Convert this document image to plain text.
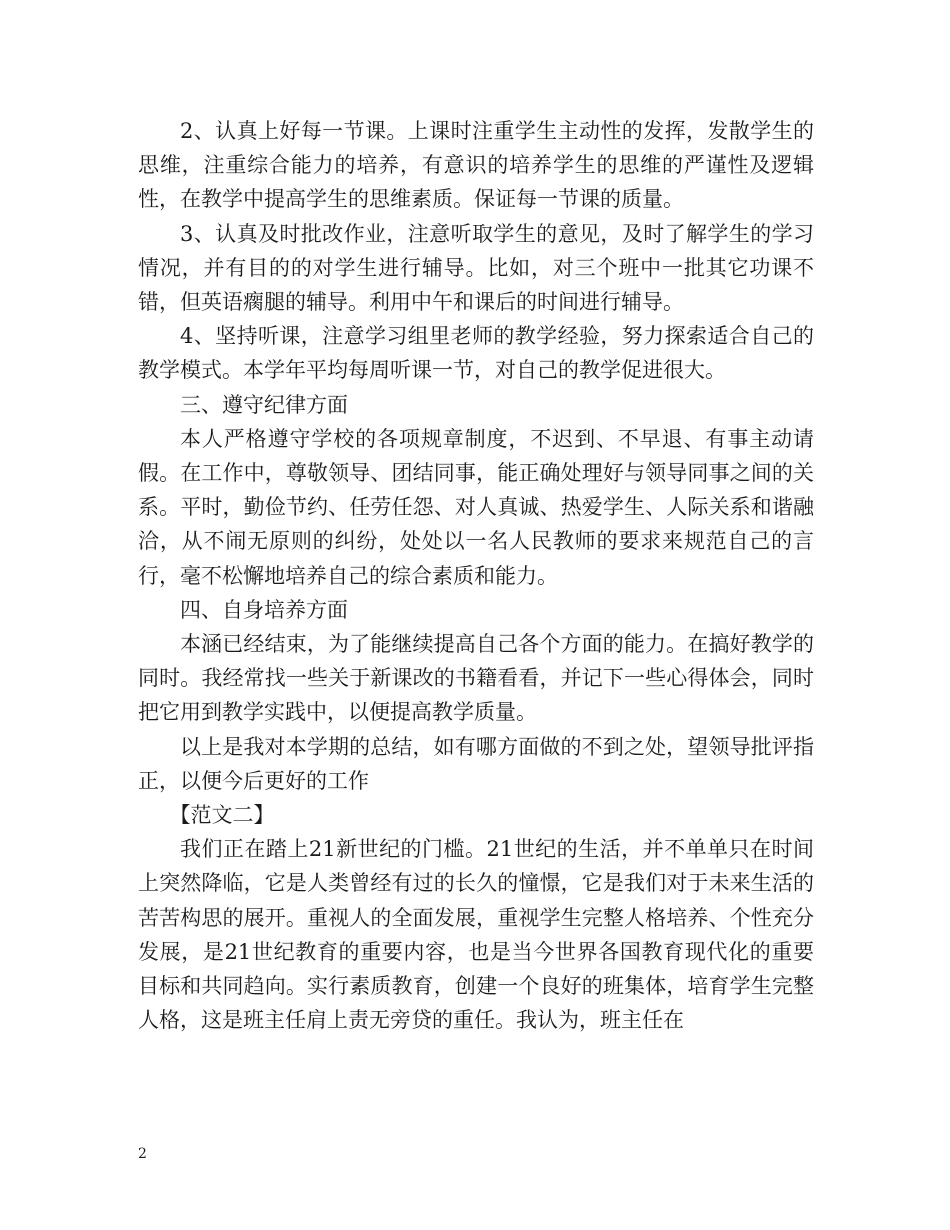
2、认真上好每一节课。上课时注重学生主动性的发挥，发散学生的思维，注重综合能力的培养，有意识的培养学生的思维的严谨性及逻辑性，在教学中提高学生的思维素质。保证每一节课的质量。

3、认真及时批改作业，注意听取学生的意见，及时了解学生的学习情况，并有目的的对学生进行辅导。比如，对三个班中一批其它功课不错，但英语瘸腿的辅导。利用中午和课后的时间进行辅导。

4、坚持听课，注意学习组里老师的教学经验，努力探索适合自己的教学模式。本学年平均每周听课一节，对自己的教学促进很大。

三、遵守纪律方面

本人严格遵守学校的各项规章制度，不迟到、不早退、有事主动请假。在工作中，尊敬领导、团结同事，能正确处理好与领导同事之间的关系。平时，勤俭节约、任劳任怨、对人真诚、热爱学生、人际关系和谐融洽，从不闹无原则的纠纷，处处以一名人民教师的要求来规范自己的言行，毫不松懈地培养自己的综合素质和能力。

四、自身培养方面

本涵已经结束，为了能继续提高自己各个方面的能力。在搞好教学的同时。我经常找一些关于新课改的书籍看看，并记下一些心得体会，同时把它用到教学实践中，以便提高教学质量。

以上是我对本学期的总结，如有哪方面做的不到之处，望领导批评指正，以便今后更好的工作

【范文二】

我们正在踏上21新世纪的门槛。21世纪的生活，并不单单只在时间上突然降临，它是人类曾经有过的长久的憧憬，它是我们对于未来生活的苦苦构思的展开。重视人的全面发展，重视学生完整人格培养、个性充分发展，是21世纪教育的重要内容，也是当今世界各国教育现代化的重要目标和共同趋向。实行素质教育，创建一个良好的班集体，培育学生完整人格，这是班主任肩上责无旁贷的重任。我认为，班主任在

2
